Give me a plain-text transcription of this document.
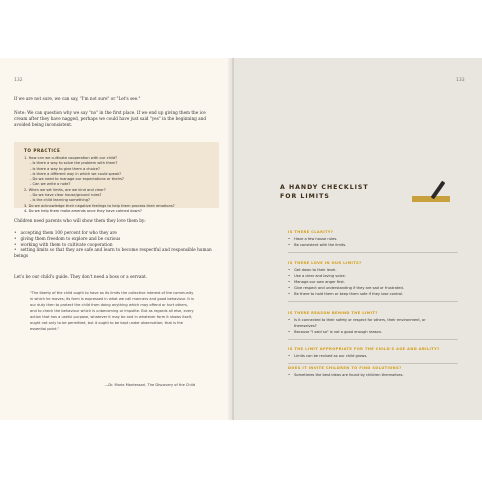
132	133

If we are not sure, we can say, "I'm not sure" or "Let's see."

Note: We can question why we say "no" in the first place. If we end up giving them the ice cream after they have nagged, perhaps we could have just said "yes" in the beginning and avoided being inconsistent.

TO PRACTICE
1. How can we cultivate cooperation with our child?
- Is there a way to solve the problem with them?
- Is there a way to give them a choice?
- Is there a different way in which we could speak?
- Do we need to manage our expectations or theirs?
- Can we write a note?
2. When we set limits, are we kind and clear?
- Do we have clear house/ground rules?
- Is the child learning something?
3. Do we acknowledge their negative feelings to help them process their emotions?
4. Do we help them make amends once they have calmed down?

Children need parents who will show them they love them by:

• accepting them 100 percent for who they are
• giving them freedom to explore and be curious
• working with them to cultivate cooperation
• setting limits so that they are safe and learn to become respectful and responsible human beings

Let's be our child's guide. They don't need a boss or a servant.

"The liberty of the child ought to have as its limits the collective interest of the community in which he moves; its form is expressed in what we call manners and good behaviour. It is our duty then to protect the child from doing anything which may offend or hurt others, and to check the behaviour which is unbecoming or impolite. But as regards all else, every action that has a useful purpose, whatever it may be and in whatever form it shows itself, ought not only to be permitted, but it ought to be kept under observation; that is the essential point."
—Dr. Maria Montessori, The Discovery of the Child
A HANDY CHECKLIST
FOR LIMITS
IS THERE CLARITY?
• Have a few house rules.
• Be consistent with the limits.
IS THERE LOVE IN OUR LIMITS?
• Get down to their level.
• Use a clear and loving voice.
• Manage our own anger first.
• Give respect and understanding if they are sad or frustrated.
• Be there to hold them or keep them safe if they lose control.
IS THERE REASON BEHIND THE LIMIT?
• Is it connected to their safety or respect for others, their environment, or
themselves?
• Because "I said so" is not a good enough reason.
IS THE LIMIT APPROPRIATE FOR THE CHILD'S AGE AND ABILITY?
• Limits can be revised as our child grows.
DOES IT INVITE CHILDREN TO FIND SOLUTIONS?
• Sometimes the best ideas are found by children themselves.
